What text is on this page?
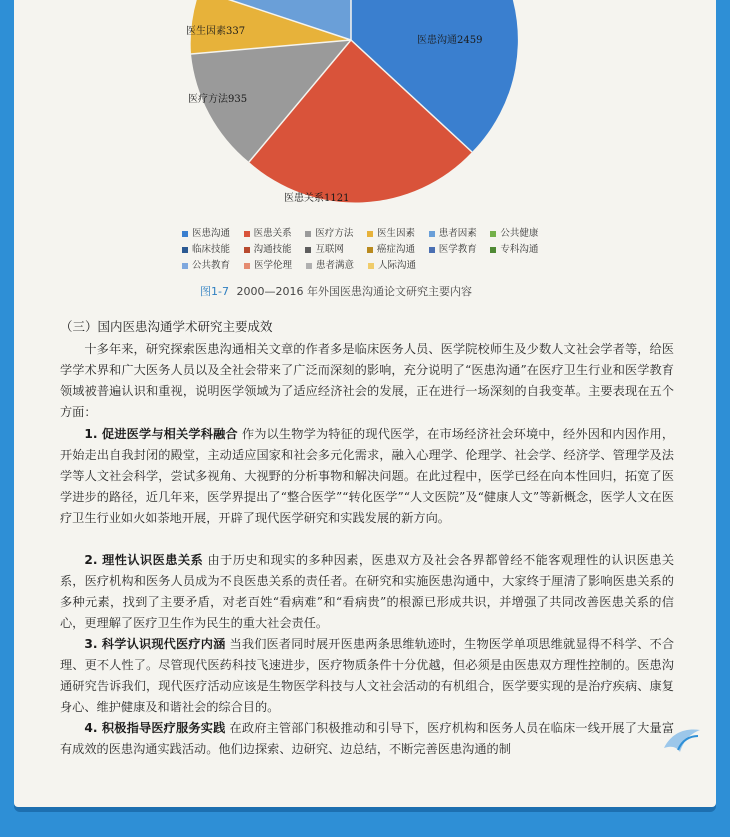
医患沟通2459
医生因素337
医疗方法935
医患关系1121
医患沟通 医患关系 医疗方法 医生因素 患者因素 公共健康
临床技能 沟通技能 互联网	癌症沟通 医学教育 专科沟通
公共教育	医学伦理	患者满意	人际沟通
图1-7 2000—2016 年外国医患沟通论文研究主要内容
（三）国内医患沟通学术研究主要成效
十多年来，研究探索医患沟通相关文章的作者多是临床医务人员、医学院校师生及少数人文社会学者等，给医学学术界和广大医务人员以及全社会带来了广泛而深刻的影响，充分说明了“医患沟通”在医疗卫生行业和医学教育领域被普遍认识和重视，说明医学领域为了适应经济社会的发展，正在进行一场深刻的自我变革。主要表现在五个方面：
1. 促进医学与相关学科融合 作为以生物学为特征的现代医学，在市场经济社会环境中，经外因和内因作用，开始走出自我封闭的殿堂，主动适应国家和社会多元化需求，融入心理学、伦理学、社会学、经济学、管理学及法学等人文社会科学，尝试多视角、大视野的分析事物和解决问题。在此过程中，医学已经在向本性回归，拓宽了医学进步的路径，近几年来，医学界提出了“整合医学”“转化医学”“人文医院”及“健康人文”等新概念，医学人文在医疗卫生行业如火如荼地开展，开辟了现代医学研究和实践发展的新方向。
2. 理性认识医患关系 由于历史和现实的多种因素，医患双方及社会各界都曾经不能客观理性的认识医患关系，医疗机构和医务人员成为不良医患关系的责任者。在研究和实施医患沟通中，大家终于厘清了影响医患关系的多种元素，找到了主要矛盾，对老百姓“看病难”和“看病贵”的根源已形成共识，并增强了共同改善医患关系的信心，更理解了医疗卫生作为民生的重大社会责任。
3. 科学认识现代医疗内涵 当我们医者同时展开医患两条思维轨迹时，生物医学单项思维就显得不科学、不合理、更不人性了。尽管现代医药科技飞速进步，医疗物质条件十分优越，但必须是由医患双方理性控制的。医患沟通研究告诉我们，现代医疗活动应该是生物医学科技与人文社会活动的有机组合，医学要实现的是治疗疾病、康复身心、维护健康及和谐社会的综合目的。
4. 积极指导医疗服务实践 在政府主管部门积极推动和引导下，医疗机构和医务人员在临床一线开展了大量富有成效的医患沟通实践活动。他们边探索、边研究、边总结，不断完善医患沟通的制
